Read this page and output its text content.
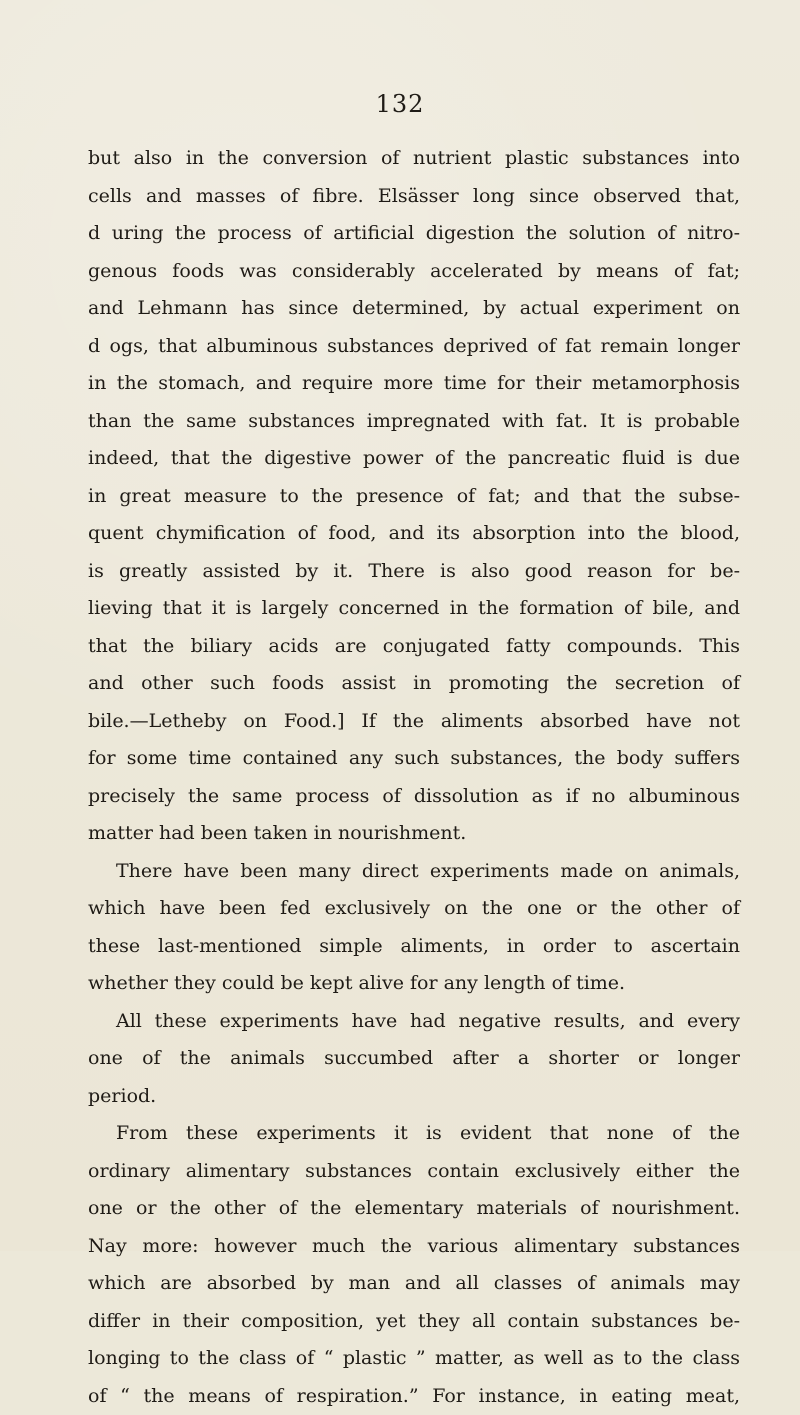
132
but also in the conversion of nutrient plastic substances into
cells and masses of fibre. Elsässer long since observed that,
d uring the process of artificial digestion the solution of nitro-
genous foods was considerably accelerated by means of fat;
and Lehmann has since determined, by actual experiment on
d ogs, that albuminous substances deprived of fat remain longer
in the stomach, and require more time for their metamorphosis
than the same substances impregnated with fat. It is probable
indeed, that the digestive power of the pancreatic fluid is due
in great measure to the presence of fat; and that the subse-
quent chymification of food, and its absorption into the blood,
is greatly assisted by it. There is also good reason for be-
lieving that it is largely concerned in the formation of bile, and
that the biliary acids are conjugated fatty compounds. This
and other such foods assist in promoting the secretion of
bile.—Letheby on Food.] If the aliments absorbed have not
for some time contained any such substances, the body suffers
precisely the same process of dissolution as if no albuminous
matter had been taken in nourishment.
There have been many direct experiments made on animals,
which have been fed exclusively on the one or the other of
these last-mentioned simple aliments, in order to ascertain
whether they could be kept alive for any length of time.
All these experiments have had negative results, and every
one of the animals succumbed after a shorter or longer
period.
From these experiments it is evident that none of the
ordinary alimentary substances contain exclusively either the
one or the other of the elementary materials of nourishment.
Nay more: however much the various alimentary substances
which are absorbed by man and all classes of animals may
differ in their composition, yet they all contain substances be-
longing to the class of “ plastic ” matter, as well as to the class
of “ the means of respiration.” For instance, in eating meat,
